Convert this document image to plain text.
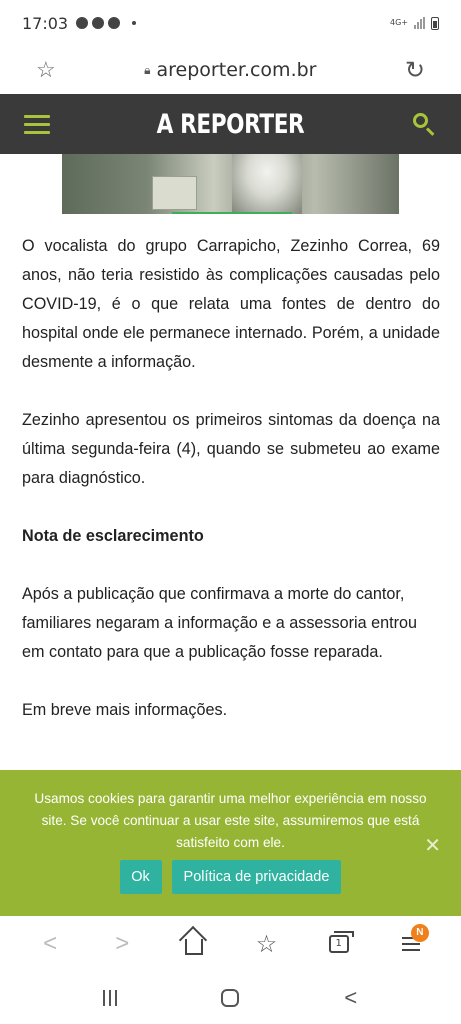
17:03	4G+
☆	🔒︎ areporter.com.br	↻
A REPORTER

O vocalista do grupo Carrapicho, Zezinho Correa, 69 anos, não teria resistido às complicações causadas pelo COVID-19, é o que relata uma fontes de dentro do hospital onde ele permanece internado. Porém, a unidade desmente a informação.

Zezinho apresentou os primeiros sintomas da doença na última segunda-feira (4), quando se submeteu ao exame para diagnóstico.

Nota de esclarecimento

Após a publicação que confirmava a morte do cantor, familiares negaram a informação e a assessoria entrou em contato para que a publicação fosse reparada.

Em breve mais informações.

Usamos cookies para garantir uma melhor experiência em nosso site. Se você continuar a usar este site, assumiremos que está satisfeito com ele.	✕
Ok	Política de privacidade
<	>	☆	1
N
<
